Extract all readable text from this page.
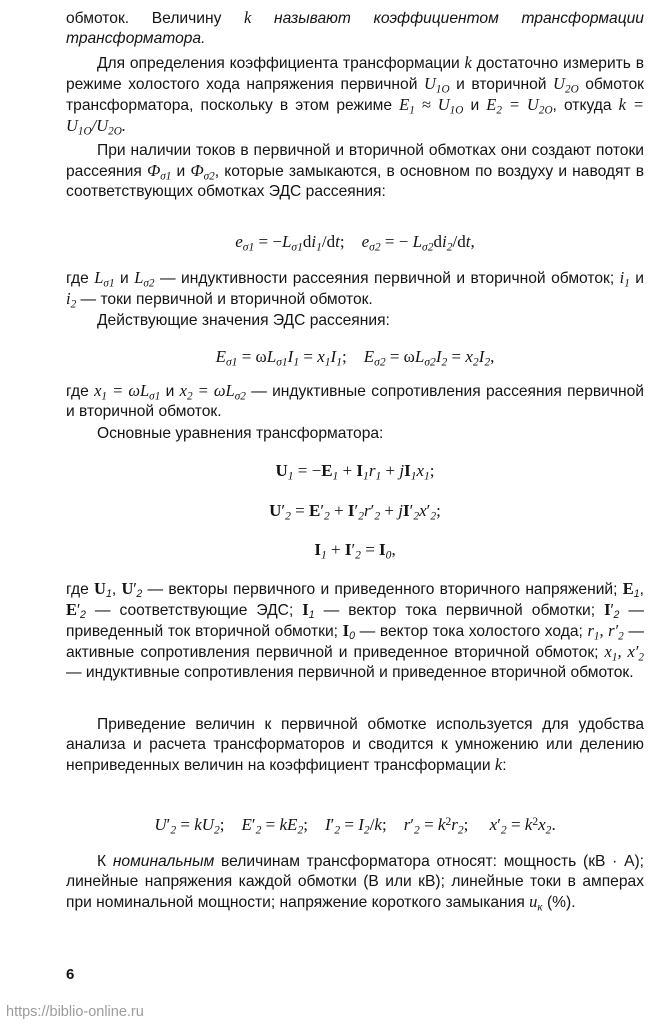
обмоток. Величину k называют коэффициентом трансформации трансформатора.
Для определения коэффициента трансформации k достаточно измерить в режиме холостого хода напряжения первичной $U_{1O}$ и вторичной $U_{2O}$ обмоток трансформатора, поскольку в этом режиме $E_1 \approx U_{1O}$ и $E_2 = U_{2O}$, откуда $k = U_{1O}/U_{2O}$.
При наличии токов в первичной и вторичной обмотках они создают потоки рассеяния $Ф_{\sigma 1}$ и $Ф_{\sigma 2}$, которые замыкаются, в основном по воздуху и наводят в соответствующих обмотках ЭДС рассеяния:
$e_{\sigma 1} = -L_{\sigma 1}di_1/dt$;    $e_{\sigma 2}$ = − $L_{\sigma 2}di_2/dt$,
где $L_{\sigma 1}$ и $L_{\sigma 2}$ — индуктивности рассеяния первичной и вторичной обмоток; $i_1$ и $i_2$ — токи первичной и вторичной обмоток.
Действующие значения ЭДС рассеяния:
$E_{\sigma 1} = \omega L_{\sigma 1}I_1 = x_1I_1$;    $E_{\sigma 2} = \omega L_{\sigma 2}I_2 = x_2I_2$,
где $x_1 = \omega L_{\sigma 1}$ и $x_2 = \omega L_{\sigma 2}$ — индуктивные сопротивления рассеяния первичной и вторичной обмоток.
Основные уравнения трансформатора:
$U_1 = -E_1 + I_1r_1 + jI_1x_1$;
$U'_2 = E'_2 + I'_2r'_2 + jI'_2x'_2$;
$I_1 + I'_2 = I_0$,
где $U_1$, $U'_2$ — векторы первичного и приведенного вторичного напряжений; $E_1$, $E'_2$ — соответствующие ЭДС; $I_1$ — вектор тока первичной обмотки; $I'_2$ — приведенный ток вторичной обмотки; $I_0$ — вектор тока холостого хода; $r_1$, $r'_2$ — активные сопротивления первичной и приведенное вторичной обмоток; $x_1$, $x'_2$ — индуктивные сопротивления первичной и приведенное вторичной обмоток.
Приведение величин к первичной обмотке используется для удобства анализа и расчета трансформаторов и сводится к умножению или делению неприведенных величин на коэффициент трансформации k:
$U'_2 = kU_2$;    $E'_2 = kE_2$;    $I'_2 = I_2/k$;    $r'_2 = k^2r_2$;     $x'_2 = k^2x_2$.
К номинальным величинам трансформатора относят: мощность (кВ · А); линейные напряжения каждой обмотки (В или кВ); линейные токи в амперах при номинальной мощности; напряжение короткого замыкания $u_к$ (%).
6
https://biblio-online.ru
